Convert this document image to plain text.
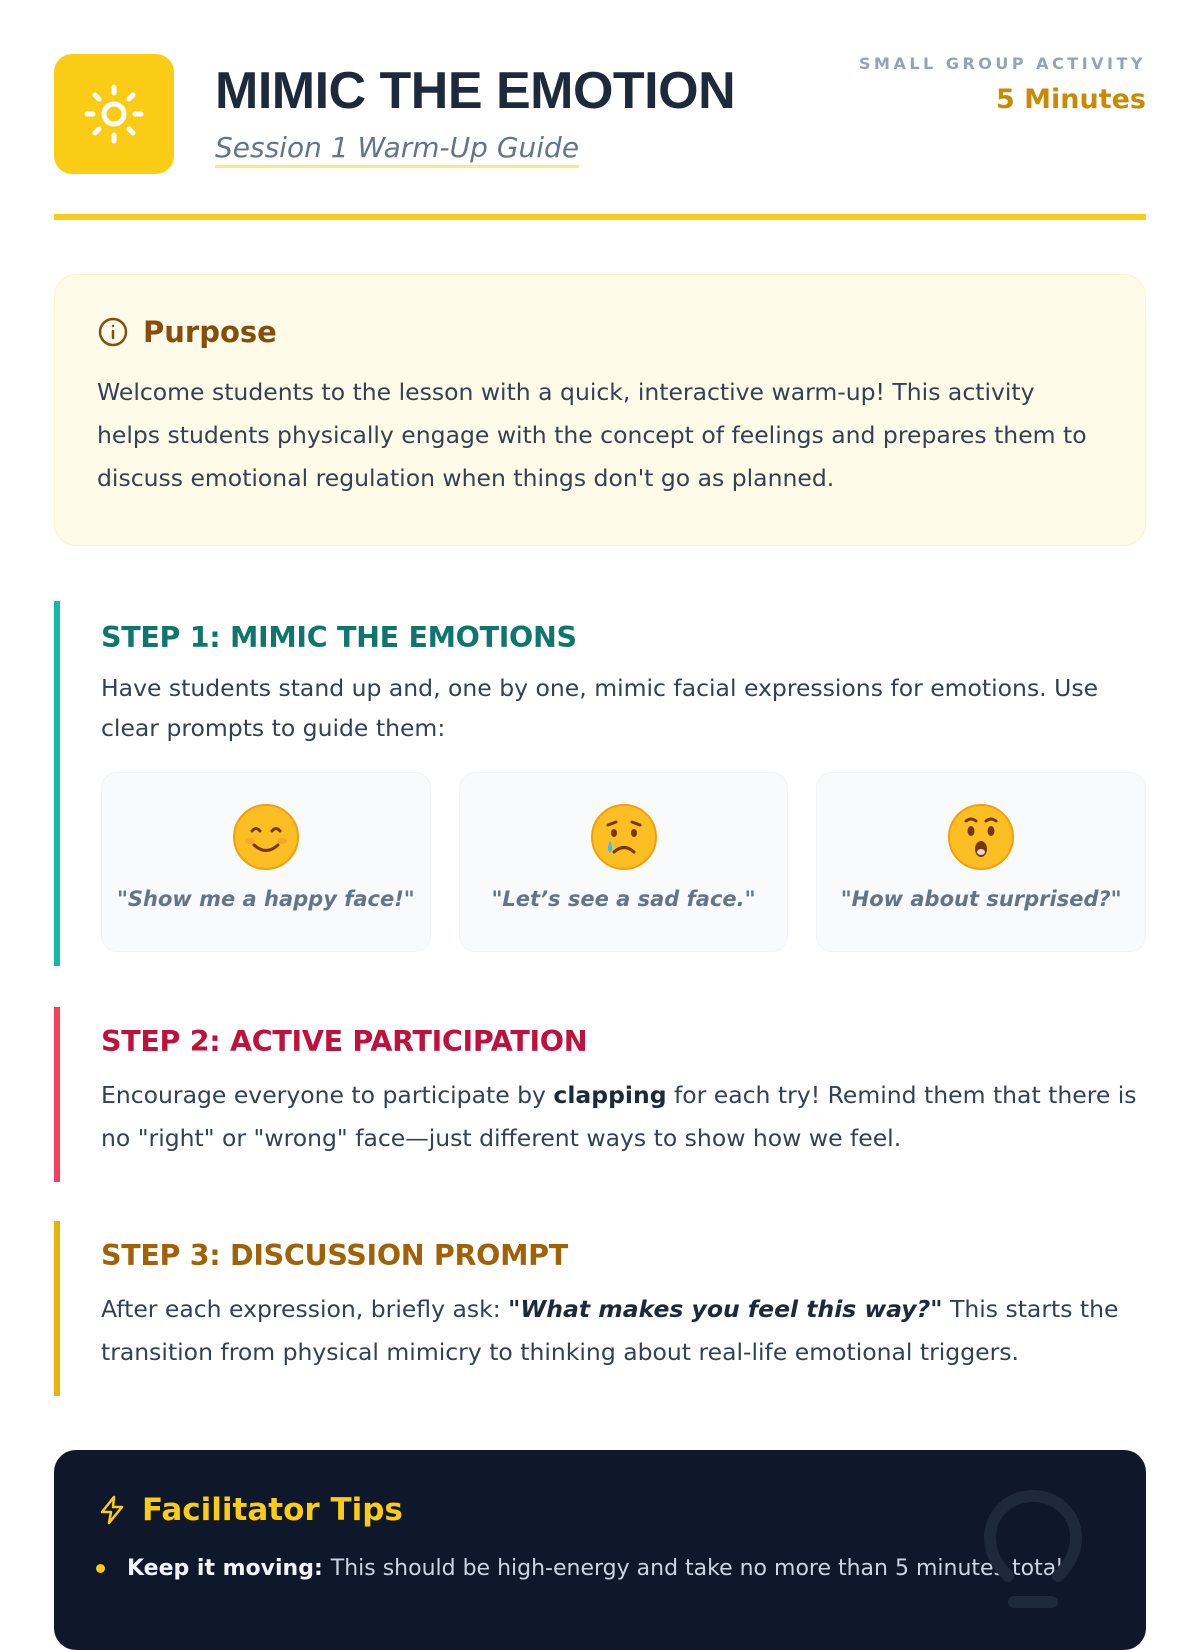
MIMIC THE EMOTION
Session 1 Warm-Up Guide
SMALL GROUP ACTIVITY
5 Minutes
Purpose

Welcome students to the lesson with a quick, interactive warm-up! This activity helps students physically engage with the concept of feelings and prepares them to discuss emotional regulation when things don't go as planned.

STEP 1: MIMIC THE EMOTIONS

Have students stand up and, one by one, mimic facial expressions for emotions. Use clear prompts to guide them:

"Show me a happy face!"	"Let’s see a sad face."	"How about surprised?"
STEP 2: ACTIVE PARTICIPATION

Encourage everyone to participate by clapping for each try! Remind them that there is no "right" or "wrong" face—just different ways to show how we feel.

STEP 3: DISCUSSION PROMPT

After each expression, briefly ask: "What makes you feel this way?" This starts the transition from physical mimicry to thinking about real-life emotional triggers.

Facilitator Tips
Keep it moving: This should be high-energy and take no more than 5 minutes total.
